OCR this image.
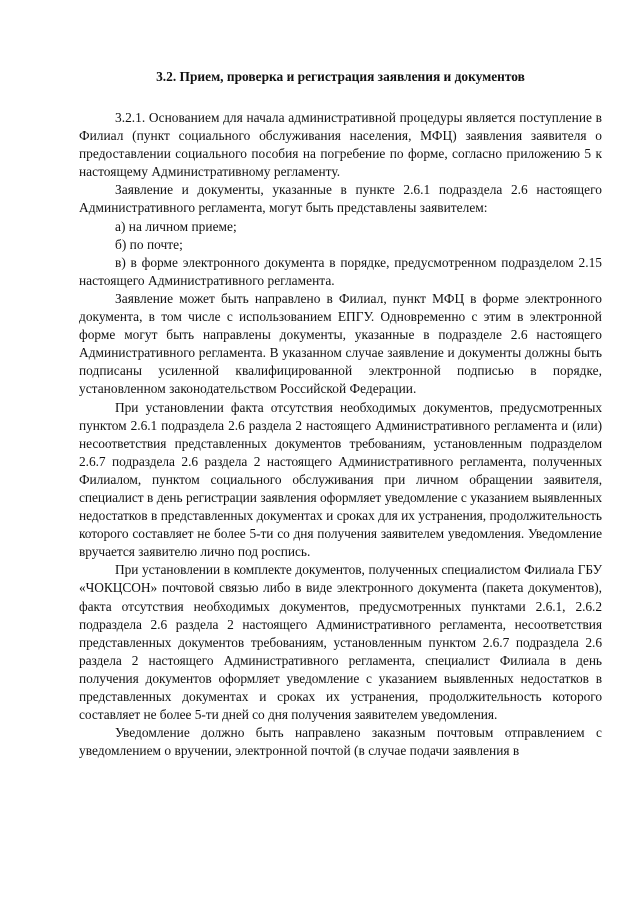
3.2. Прием, проверка и регистрация заявления и документов

3.2.1. Основанием для начала административной процедуры является поступление в Филиал (пункт социального обслуживания населения, МФЦ) заявления заявителя о предоставлении социального пособия на погребение по форме, согласно приложению 5 к настоящему Административному регламенту.

Заявление и документы, указанные в пункте 2.6.1 подраздела 2.6 настоящего Административного регламента, могут быть представлены заявителем:

а) на личном приеме;

б) по почте;

в) в форме электронного документа в порядке, предусмотренном подразделом 2.15 настоящего Административного регламента.

Заявление может быть направлено в Филиал, пункт МФЦ в форме электронного документа, в том числе с использованием ЕПГУ. Одновременно с этим в электронной форме могут быть направлены документы, указанные в подразделе 2.6 настоящего Административного регламента. В указанном случае заявление и документы должны быть подписаны усиленной квалифицированной электронной подписью в порядке, установленном законодательством Российской Федерации.

При установлении факта отсутствия необходимых документов, предусмотренных пунктом 2.6.1 подраздела 2.6 раздела 2 настоящего Административного регламента и (или) несоответствия представленных документов требованиям, установленным подразделом 2.6.7 подраздела 2.6 раздела 2 настоящего Административного регламента, полученных Филиалом, пунктом социального обслуживания при личном обращении заявителя, специалист в день регистрации заявления оформляет уведомление с указанием выявленных недостатков в представленных документах и сроках для их устранения, продолжительность которого составляет не более 5-ти со дня получения заявителем уведомления. Уведомление вручается заявителю лично под роспись.

При установлении в комплекте документов, полученных специалистом Филиала ГБУ «ЧОКЦСОН» почтовой связью либо в виде электронного документа (пакета документов), факта отсутствия необходимых документов, предусмотренных пунктами 2.6.1, 2.6.2 подраздела 2.6 раздела 2 настоящего Административного регламента, несоответствия представленных документов требованиям, установленным пунктом 2.6.7 подраздела 2.6 раздела 2 настоящего Административного регламента, специалист Филиала в день получения документов оформляет уведомление с указанием выявленных недостатков в представленных документах и сроках их устранения, продолжительность которого составляет не более 5-ти дней со дня получения заявителем уведомления.

Уведомление должно быть направлено заказным почтовым отправлением с уведомлением о вручении, электронной почтой (в случае подачи заявления в
